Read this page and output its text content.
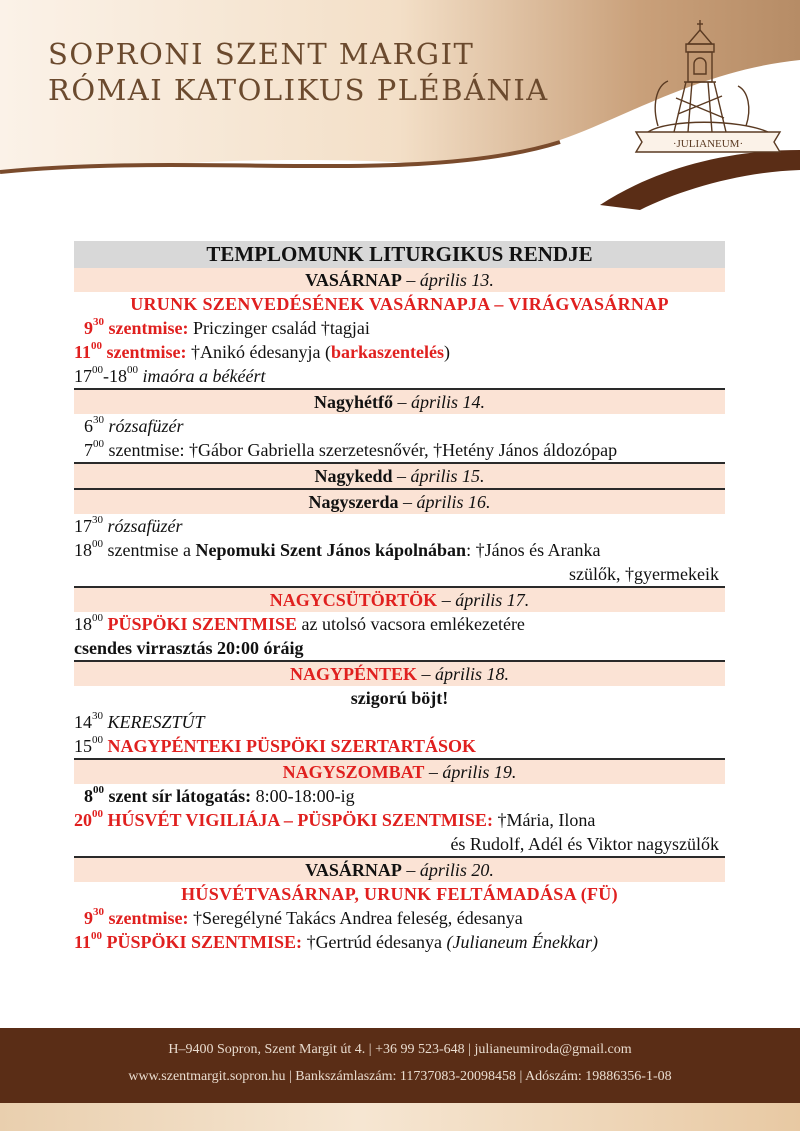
SOPRONI SZENT MARGIT
RÓMAI KATOLIKUS PLÉBÁNIA
·JULIANEUM·
TEMPLOMUNK LITURGIKUS RENDJE
VASÁRNAP – április 13.
URUNK SZENVEDÉSÉNEK VASÁRNAPJA – VIRÁGVASÁRNAP
$9^{30}$ szentmise: Priczinger család †tagjai
$11^{00}$ szentmise: †Anikó édesanyja (barkaszentelés)
$17^{00}-18^{00}$ imaóra a békéért
Nagyhétfő – április 14.
$6^{30}$ rózsafüzér
$7^{00}$ szentmise: †Gábor Gabriella szerzetesnővér, †Hetény János áldozópap
Nagykedd – április 15.
Nagyszerda – április 16.
$17^{30}$ rózsafüzér
$18^{00}$ szentmise a Nepomuki Szent János kápolnában: †János és Aranka
szülők, †gyermekeik
NAGYCSÜTÖRTÖK – április 17.
$18^{00}$ PÜSPÖKI SZENTMISE az utolsó vacsora emlékezetére
csendes virrasztás 20:00 óráig
NAGYPÉNTEK – április 18.
szigorú böjt!
$14^{30}$ KERESZTÚT
$15^{00}$ NAGYPÉNTEKI PÜSPÖKI SZERTARTÁSOK
NAGYSZOMBAT – április 19.
$8^{00}$ szent sír látogatás: 8:00-18:00-ig
$20^{00}$ HÚSVÉT VIGILIÁJA – PÜSPÖKI SZENTMISE: †Mária, Ilona
és Rudolf, Adél és Viktor nagyszülők
VASÁRNAP – április 20.
HÚSVÉTVASÁRNAP, URUNK FELTÁMADÁSA (FÜ)
$9^{30}$ szentmise: †Seregélyné Takács Andrea feleség, édesanya
$11^{00}$ PÜSPÖKI SZENTMISE: †Gertrúd édesanya (Julianeum Énekkar)
H–9400 Sopron, Szent Margit út 4. | +36 99 523-648 | julianeumiroda@gmail.com
www.szentmargit.sopron.hu | Bankszámlaszám: 11737083-20098458 | Adószám: 19886356-1-08
